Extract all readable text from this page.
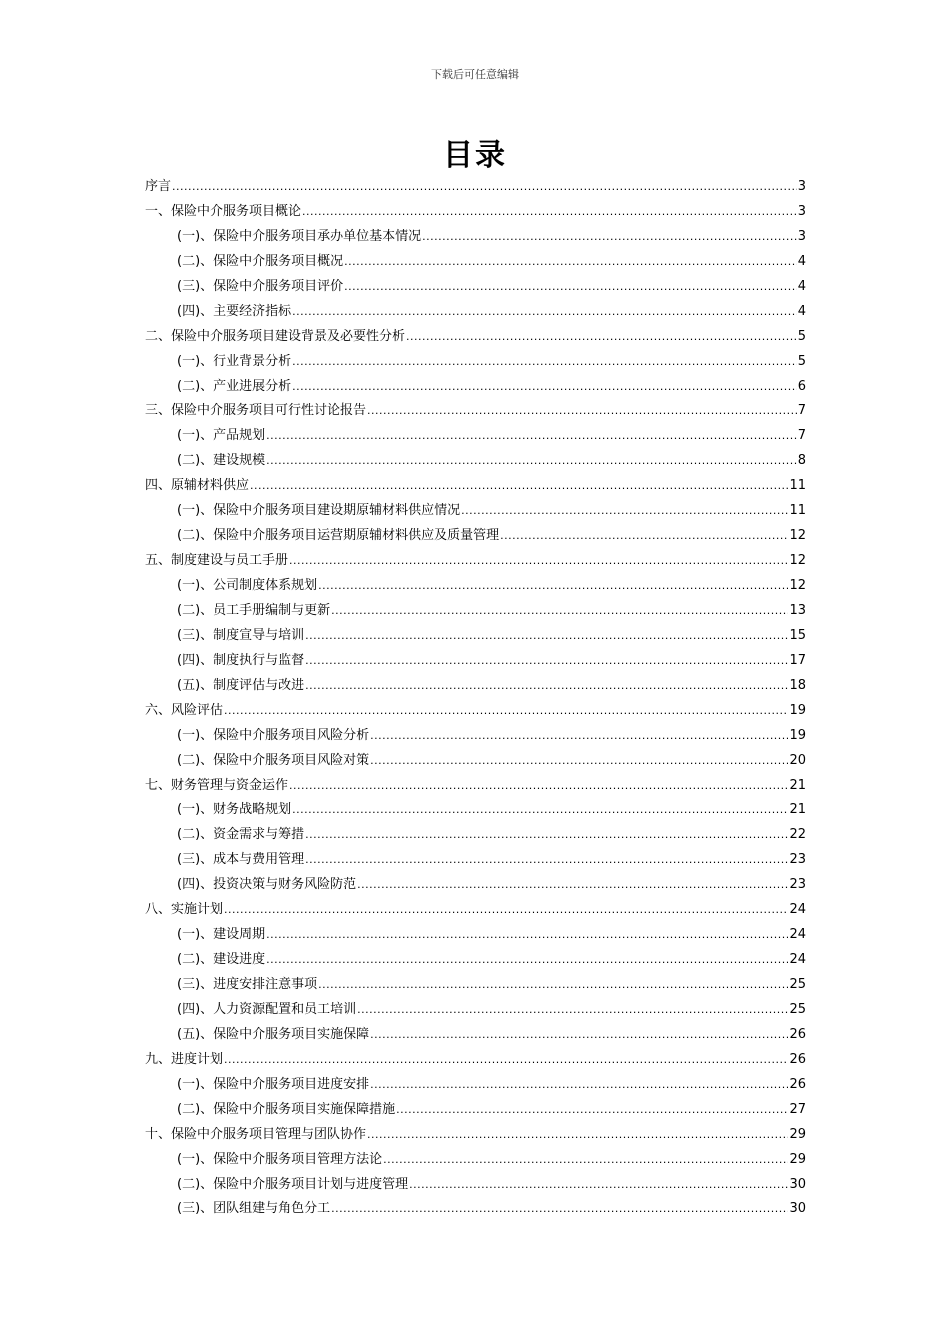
下载后可任意编辑
目录
序言 .....	3
一、保险中介服务项目概论 .....	3
(一)、保险中介服务项目承办单位基本情况 .....	3
(二)、保险中介服务项目概况 .....	4
(三)、保险中介服务项目评价 .....	4
(四)、主要经济指标 .....	4
二、保险中介服务项目建设背景及必要性分析 .....	5
(一)、行业背景分析 .....	5
(二)、产业进展分析 .....	6
三、保险中介服务项目可行性讨论报告 .....	7
(一)、产品规划 .....	7
(二)、建设规模 .....	8
四、原辅材料供应 .....	11
(一)、保险中介服务项目建设期原辅材料供应情况 .....	11
(二)、保险中介服务项目运营期原辅材料供应及质量管理 .....	12
五、制度建设与员工手册 .....	12
(一)、公司制度体系规划 .....	12
(二)、员工手册编制与更新 .....	13
(三)、制度宣导与培训 .....	15
(四)、制度执行与监督 .....	17
(五)、制度评估与改进 .....	18
六、风险评估 .....	19
(一)、保险中介服务项目风险分析 .....	19
(二)、保险中介服务项目风险对策 .....	20
七、财务管理与资金运作 .....	21
(一)、财务战略规划 .....	21
(二)、资金需求与筹措 .....	22
(三)、成本与费用管理 .....	23
(四)、投资决策与财务风险防范 .....	23
八、实施计划 .....	24
(一)、建设周期 .....	24
(二)、建设进度 .....	24
(三)、进度安排注意事项 .....	25
(四)、人力资源配置和员工培训 .....	25
(五)、保险中介服务项目实施保障 .....	26
九、进度计划 .....	26
(一)、保险中介服务项目进度安排 .....	26
(二)、保险中介服务项目实施保障措施 .....	27
十、保险中介服务项目管理与团队协作 .....	29
(一)、保险中介服务项目管理方法论 .....	29
(二)、保险中介服务项目计划与进度管理 .....	30
(三)、团队组建与角色分工 .....	30
